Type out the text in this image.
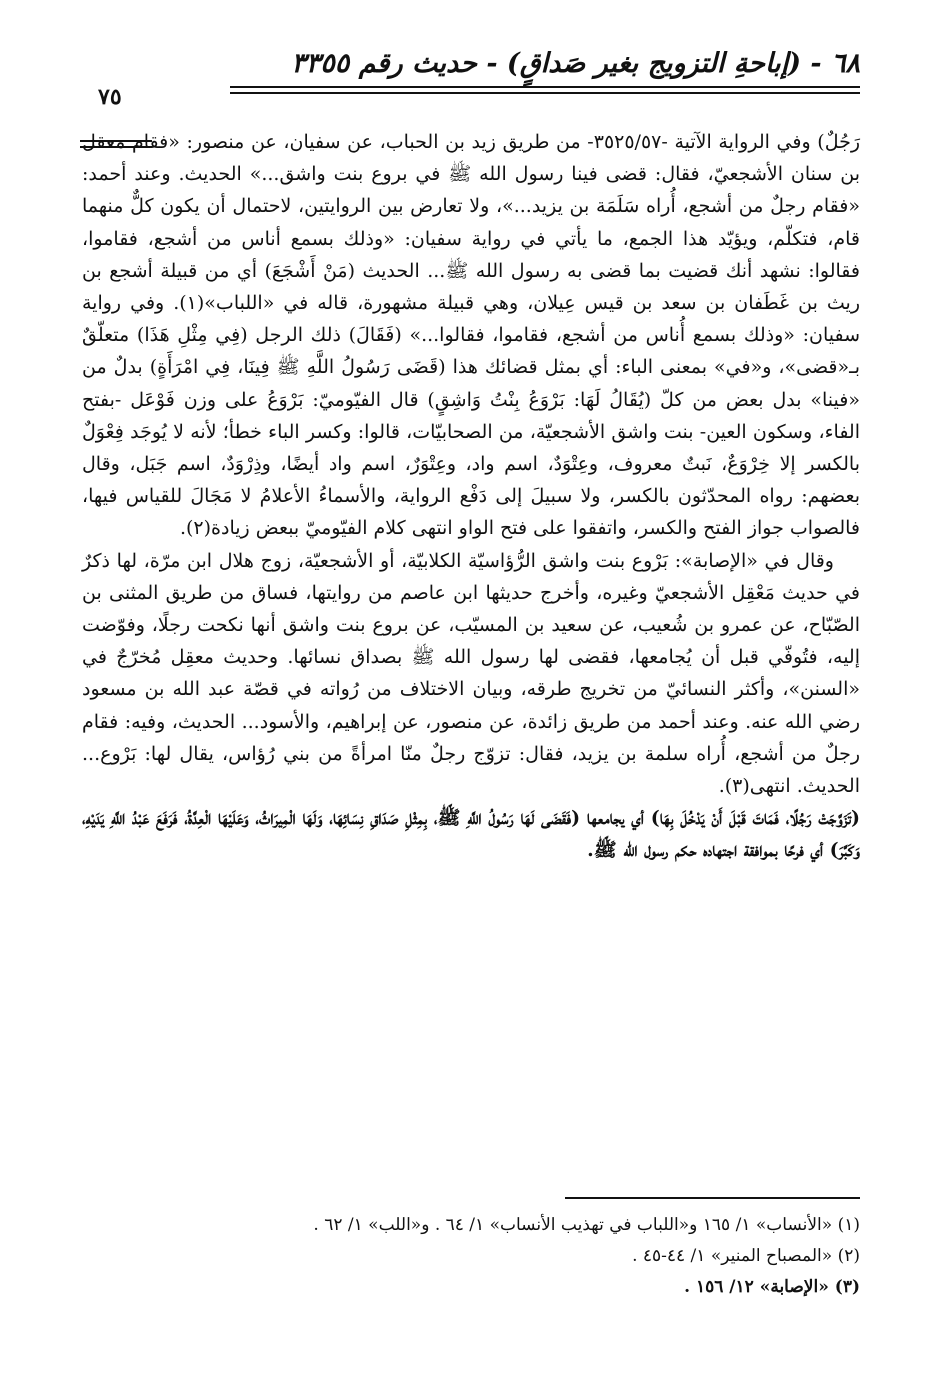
٦٨ - (إباحةِ التزويج بغير صَداقٍ) - حديث رقم ٣٣٥٥
٧٥

رَجُلٌ) وفي الرواية الآتية -٣٥٢٥/٥٧- من طريق زيد بن الحباب، عن سفيان، عن منصور: «فقام معقل بن سنان الأشجعيّ، فقال: قضى فينا رسول الله ﷺ في بروع بنت واشق...» الحديث. وعند أحمد: «فقام رجلٌ من أشجع، أُراه سَلَمَة بن يزيد...»، ولا تعارض بين الروايتين، لاحتمال أن يكون كلٌّ منهما قام، فتكلّم، ويؤيّد هذا الجمع، ما يأتي في رواية سفيان: «وذلك بسمع أناس من أشجع، فقاموا، فقالوا: نشهد أنك قضيت بما قضى به رسول الله ﷺ... الحديث (مَنْ أَشْجَعَ) أي من قبيلة أشجع بن ريث بن غَطَفان بن سعد بن قيس عِيلان، وهي قبيلة مشهورة، قاله في «اللباب»(١). وفي رواية سفيان: «وذلك بسمع أُناس من أشجع، فقاموا، فقالوا...» (فَقَالَ) ذلك الرجل (فِي مِثْلِ هَذَا) متعلّقٌ بـ«قضى»، و«في» بمعنى الباء: أي بمثل قضائك هذا (قَضَى رَسُولُ اللَّهِ ﷺ فِينَا، فِي امْرَأَةٍ) بدلٌ من «فينا» بدل بعض من كلّ (يُقَالُ لَهَا: بَرْوَعُ بِنْتُ وَاشِقٍ) قال الفيّوميّ: بَرْوَعُ على وزن فَوْعَل -بفتح الفاء، وسكون العين- بنت واشق الأشجعيّة، من الصحابيّات، قالوا: وكسر الباء خطأ؛ لأنه لا يُوجَد فِعْوَلٌ بالكسر إلا خِرْوَعٌ، نَبتٌ معروف، وعِتْوَدٌ، اسم واد، وعِتْوَرٌ، اسم واد أيضًا، وذِرْوَدٌ، اسم جَبَل، وقال بعضهم: رواه المحدّثون بالكسر، ولا سبيلَ إلى دَفْع الرواية، والأسماءُ الأعلامُ لا مَجَالَ للقياس فيها، فالصواب جواز الفتح والكسر، واتفقوا على فتح الواو انتهى كلام الفيّوميّ ببعض زيادة(٢).

وقال في «الإصابة»: بَرْوع بنت واشق الرُّؤاسيّة الكلابيّة، أو الأشجعيّة، زوج هلال ابن مرّة، لها ذكرٌ في حديث مَعْقِل الأشجعيّ وغيره، وأخرج حديثها ابن عاصم من روايتها، فساق من طريق المثنى بن الصّبّاح، عن عمرو بن شُعيب، عن سعيد بن المسيّب، عن بروع بنت واشق أنها نكحت رجلًا، وفوّضت إليه، فتُوفّي قبل أن يُجامعها، فقضى لها رسول الله ﷺ بصداق نسائها. وحديث معقِل مُخرّجٌ في «السنن»، وأكثر النسائيّ من تخريج طرقه، وبيان الاختلاف من رُواته في قصّة عبد الله بن مسعود رضي الله عنه. وعند أحمد من طريق زائدة، عن منصور، عن إبراهيم، والأسود... الحديث، وفيه: فقام رجلٌ من أشجع، أُراه سلمة بن يزيد، فقال: تزوّج رجلٌ منّا امرأةً من بني رُؤاس، يقال لها: بَرْوع... الحديث. انتهى(٣).

(تَزَوَّجَتْ رَجُلًا، فَمَاتَ قَبْلَ أَنْ يَدْخُلَ بِهَا) أي يجامعها (فَقَضَى لَهَا رَسُولُ اللَّهِ ﷺ، بِمِثْلِ صَدَاقِ نِسَائِهَا، وَلَهَا الْمِيرَاثُ، وَعَلَيْهَا الْعِدَّةُ، فَرَفَعَ عَبْدُ اللَّهِ يَدَيْهِ، وَكَبَّرَ) أي فرحًا بموافقة اجتهاده حكم رسول الله ﷺ.

(١) «الأنساب» ١/ ١٦٥ و«اللباب في تهذيب الأنساب» ١/ ٦٤ . و«اللب» ١/ ٦٢ .

(٢) «المصباح المنير» ١/ ٤٤-٤٥ .

(٣) «الإصابة» ١٢/ ١٥٦ .
